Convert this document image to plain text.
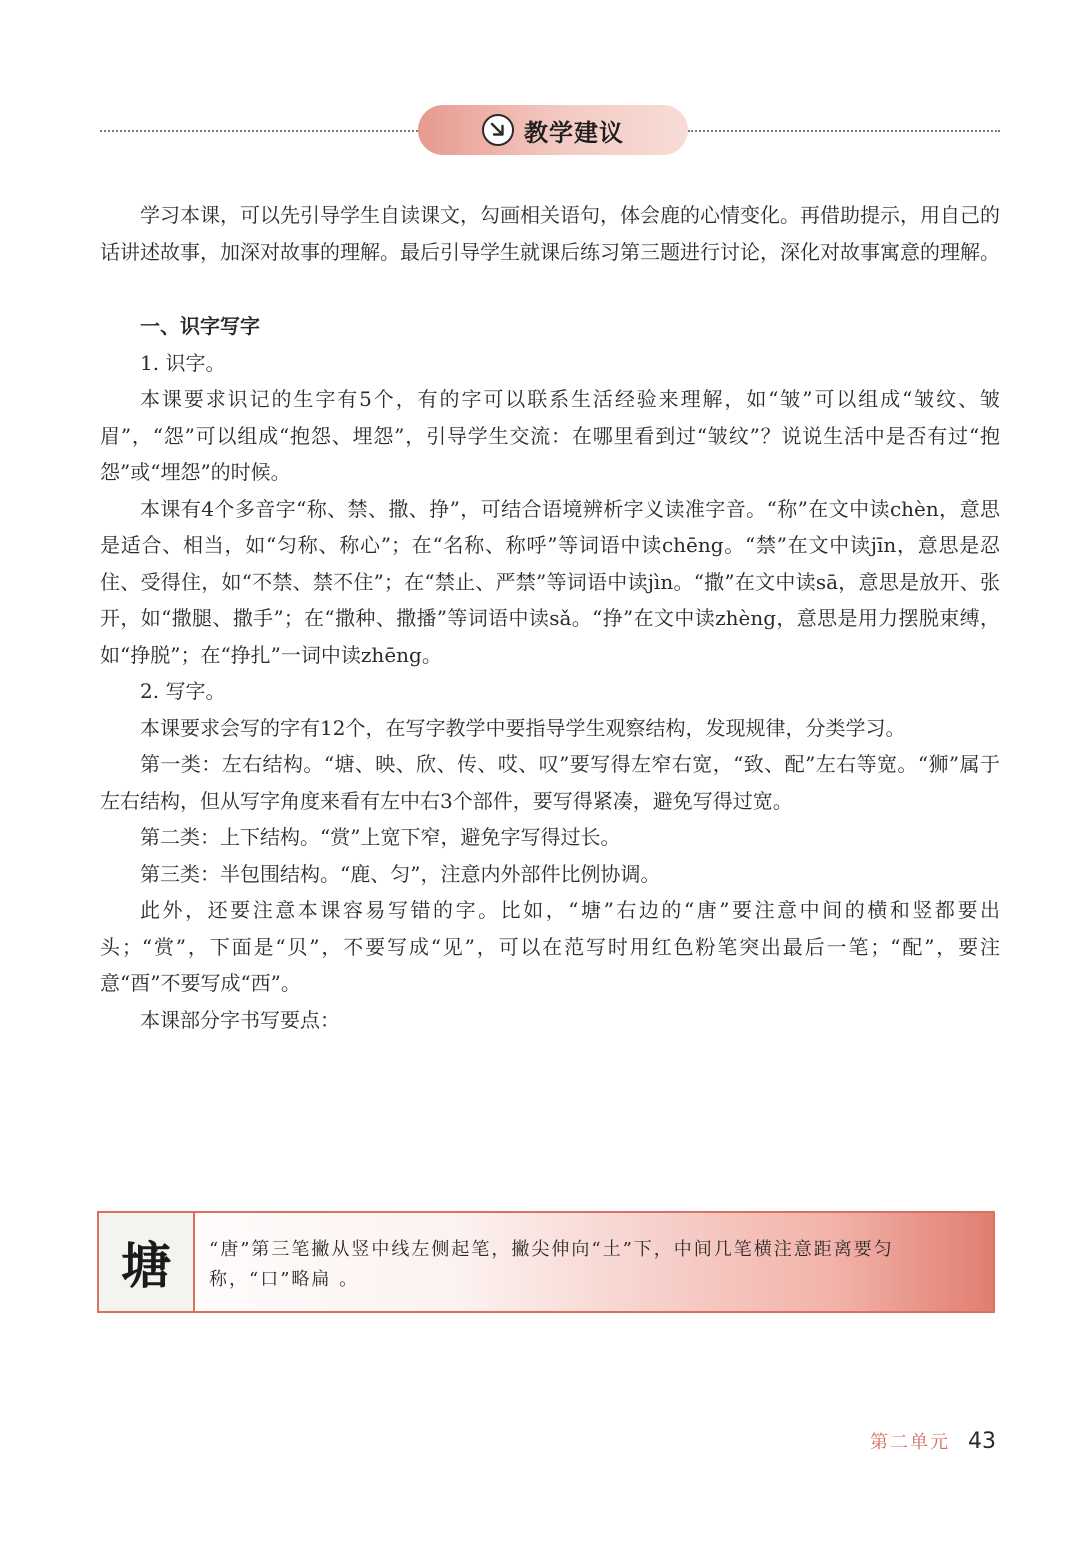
教学建议

学习本课，可以先引导学生自读课文，勾画相关语句，体会鹿的心情变化。再借助提示，用自己的话讲述故事，加深对故事的理解。最后引导学生就课后练习第三题进行讨论，深化对故事寓意的理解。

一、识字写字

1. 识字。

本课要求识记的生字有5个，有的字可以联系生活经验来理解，如“皱”可以组成“皱纹、皱眉”，“怨”可以组成“抱怨、埋怨”，引导学生交流：在哪里看到过“皱纹”？说说生活中是否有过“抱怨”或“埋怨”的时候。

本课有4个多音字“称、禁、撒、挣”，可结合语境辨析字义读准字音。“称”在文中读chèn，意思是适合、相当，如“匀称、称心”；在“名称、称呼”等词语中读chēng。“禁”在文中读jīn，意思是忍住、受得住，如“不禁、禁不住”；在“禁止、严禁”等词语中读jìn。“撒”在文中读sā，意思是放开、张开，如“撒腿、撒手”；在“撒种、撒播”等词语中读sǎ。“挣”在文中读zhèng，意思是用力摆脱束缚，如“挣脱”；在“挣扎”一词中读zhēng。

2. 写字。

本课要求会写的字有12个，在写字教学中要指导学生观察结构，发现规律，分类学习。

第一类：左右结构。“塘、映、欣、传、哎、叹”要写得左窄右宽，“致、配”左右等宽。“狮”属于左右结构，但从写字角度来看有左中右3个部件，要写得紧凑，避免写得过宽。

第二类：上下结构。“赏”上宽下窄，避免字写得过长。

第三类：半包围结构。“鹿、匀”，注意内外部件比例协调。

此外，还要注意本课容易写错的字。比如，“塘”右边的“唐”要注意中间的横和竖都要出头；“赏”，下面是“贝”，不要写成“见”，可以在范写时用红色粉笔突出最后一笔；“配”，要注意“酉”不要写成“西”。

本课部分字书写要点：

塘	“唐”第三笔撇从竖中线左侧起笔，撇尖伸向“土”下，中间几笔横注意距离要匀称，“口”略扁 。
第二单元 43
